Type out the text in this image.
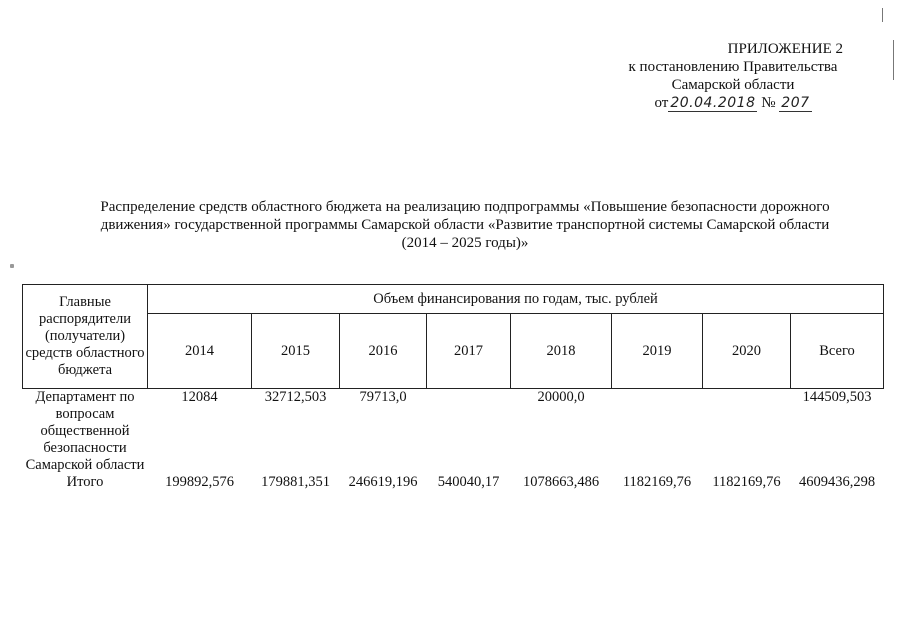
ПРИЛОЖЕНИЕ 2
к постановлению Правительства
Самарской области
от 20.04.2018 № 207
Распределение средств областного бюджета на реализацию подпрограммы «Повышение безопасности дорожного
движения» государственной программы Самарской области «Развитие транспортной системы Самарской области
(2014 – 2025 годы)»
Главные распорядители (получатели) средств областного бюджета	Объем финансирования по годам, тыс. рублей							
	2014	2015	2016	2017	2018	2019	2020	Всего
Департамент по вопросам общественной безопасности Самарской области	12084	32712,503	79713,0		20000,0			144509,503
Итого	199892,576	179881,351	246619,196	540040,17	1078663,486	1182169,76	1182169,76	4609436,298
